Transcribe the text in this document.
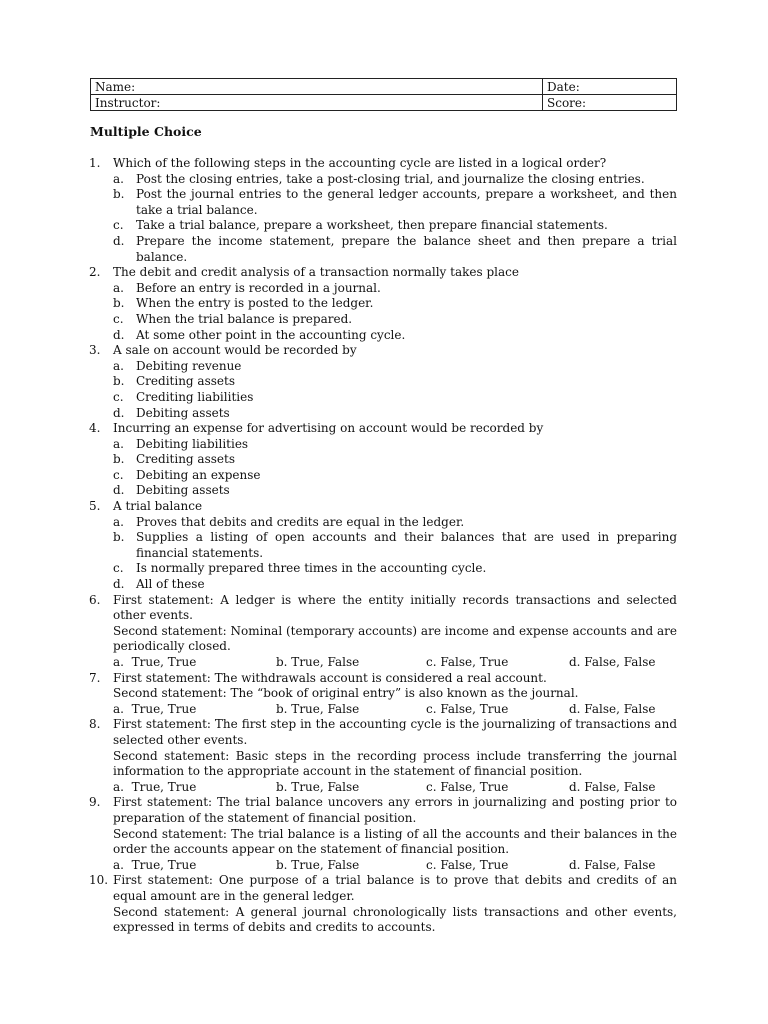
Name:	Date:
Instructor:	Score:
Multiple Choice
1. Which of the following steps in the accounting cycle are listed in a logical order?
a. Post the closing entries, take a post-closing trial, and journalize the closing entries.
b. Post the journal entries to the general ledger accounts, prepare a worksheet, and then take a trial balance.
c. Take a trial balance, prepare a worksheet, then prepare financial statements.
d. Prepare the income statement, prepare the balance sheet and then prepare a trial balance.
2. The debit and credit analysis of a transaction normally takes place
a. Before an entry is recorded in a journal.
b. When the entry is posted to the ledger.
c. When the trial balance is prepared.
d. At some other point in the accounting cycle.
3. A sale on account would be recorded by
a. Debiting revenue
b. Crediting assets
c. Crediting liabilities
d. Debiting assets
4. Incurring an expense for advertising on account would be recorded by
a. Debiting liabilities
b. Crediting assets
c. Debiting an expense
d. Debiting assets
5. A trial balance
a. Proves that debits and credits are equal in the ledger.
b. Supplies a listing of open accounts and their balances that are used in preparing financial statements.
c. Is normally prepared three times in the accounting cycle.
d. All of these
6. First statement: A ledger is where the entity initially records transactions and selected other events.
Second statement: Nominal (temporary accounts) are income and expense accounts and are periodically closed.
a.  True, True	b. True, False	c. False, True	d. False, False
7. First statement: The withdrawals account is considered a real account.
Second statement: The “book of original entry” is also known as the journal.
a.  True, True	b. True, False	c. False, True	d. False, False
8. First statement: The first step in the accounting cycle is the journalizing of transactions and selected other events.
Second statement: Basic steps in the recording process include transferring the journal information to the appropriate account in the statement of financial position.
a.  True, True	b. True, False	c. False, True	d. False, False
9. First statement: The trial balance uncovers any errors in journalizing and posting prior to preparation of the statement of financial position.
Second statement: The trial balance is a listing of all the accounts and their balances in the order the accounts appear on the statement of financial position.
a.  True, True	b. True, False	c. False, True	d. False, False
10. First statement: One purpose of a trial balance is to prove that debits and credits of an equal amount are in the general ledger.
Second statement: A general journal chronologically lists transactions and other events, expressed in terms of debits and credits to accounts.
